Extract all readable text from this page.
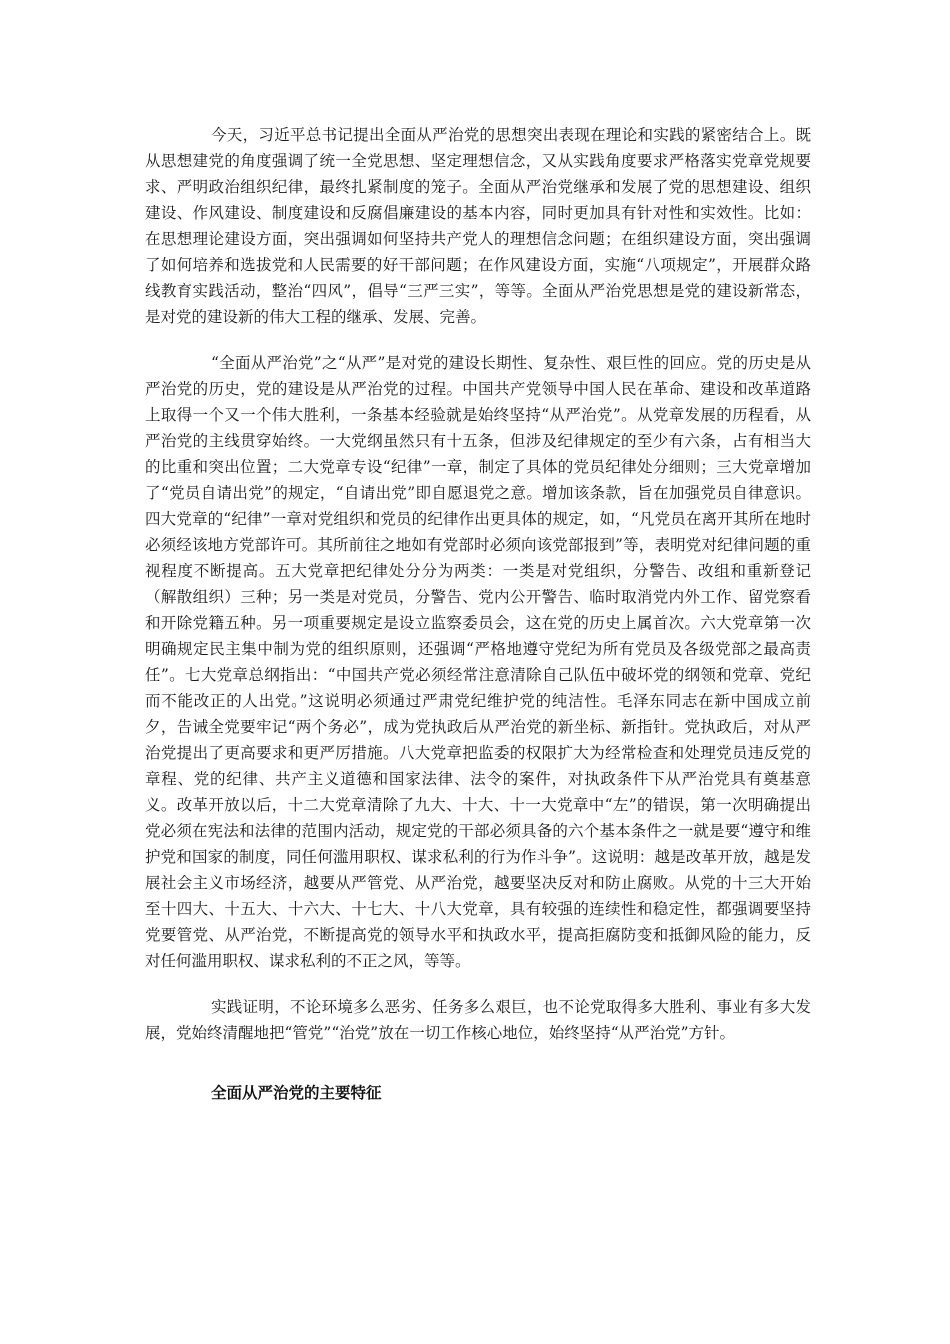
今天，习近平总书记提出全面从严治党的思想突出表现在理论和实践的紧密结合上。既从思想建党的角度强调了统一全党思想、坚定理想信念，又从实践角度要求严格落实党章党规要求、严明政治组织纪律，最终扎紧制度的笼子。全面从严治党继承和发展了党的思想建设、组织建设、作风建设、制度建设和反腐倡廉建设的基本内容，同时更加具有针对性和实效性。比如：在思想理论建设方面，突出强调如何坚持共产党人的理想信念问题；在组织建设方面，突出强调了如何培养和选拔党和人民需要的好干部问题；在作风建设方面，实施“八项规定”，开展群众路线教育实践活动，整治“四风”，倡导“三严三实”，等等。全面从严治党思想是党的建设新常态，是对党的建设新的伟大工程的继承、发展、完善。

“全面从严治党”之“从严”是对党的建设长期性、复杂性、艰巨性的回应。党的历史是从严治党的历史，党的建设是从严治党的过程。中国共产党领导中国人民在革命、建设和改革道路上取得一个又一个伟大胜利，一条基本经验就是始终坚持“从严治党”。从党章发展的历程看，从严治党的主线贯穿始终。一大党纲虽然只有十五条，但涉及纪律规定的至少有六条，占有相当大的比重和突出位置；二大党章专设“纪律”一章，制定了具体的党员纪律处分细则；三大党章增加了“党员自请出党”的规定，“自请出党”即自愿退党之意。增加该条款，旨在加强党员自律意识。四大党章的“纪律”一章对党组织和党员的纪律作出更具体的规定，如，“凡党员在离开其所在地时必须经该地方党部许可。其所前往之地如有党部时必须向该党部报到”等，表明党对纪律问题的重视程度不断提高。五大党章把纪律处分分为两类：一类是对党组织，分警告、改组和重新登记（解散组织）三种；另一类是对党员，分警告、党内公开警告、临时取消党内外工作、留党察看和开除党籍五种。另一项重要规定是设立监察委员会，这在党的历史上属首次。六大党章第一次明确规定民主集中制为党的组织原则，还强调“严格地遵守党纪为所有党员及各级党部之最高责任”。七大党章总纲指出：“中国共产党必须经常注意清除自己队伍中破坏党的纲领和党章、党纪而不能改正的人出党。”这说明必须通过严肃党纪维护党的纯洁性。毛泽东同志在新中国成立前夕，告诫全党要牢记“两个务必”，成为党执政后从严治党的新坐标、新指针。党执政后，对从严治党提出了更高要求和更严厉措施。八大党章把监委的权限扩大为经常检查和处理党员违反党的章程、党的纪律、共产主义道德和国家法律、法令的案件，对执政条件下从严治党具有奠基意义。改革开放以后，十二大党章清除了九大、十大、十一大党章中“左”的错误，第一次明确提出党必须在宪法和法律的范围内活动，规定党的干部必须具备的六个基本条件之一就是要“遵守和维护党和国家的制度，同任何滥用职权、谋求私利的行为作斗争”。这说明：越是改革开放，越是发展社会主义市场经济，越要从严管党、从严治党，越要坚决反对和防止腐败。从党的十三大开始至十四大、十五大、十六大、十七大、十八大党章，具有较强的连续性和稳定性，都强调要坚持党要管党、从严治党，不断提高党的领导水平和执政水平，提高拒腐防变和抵御风险的能力，反对任何滥用职权、谋求私利的不正之风，等等。

实践证明，不论环境多么恶劣、任务多么艰巨，也不论党取得多大胜利、事业有多大发展，党始终清醒地把“管党”“治党”放在一切工作核心地位，始终坚持“从严治党”方针。

全面从严治党的主要特征
